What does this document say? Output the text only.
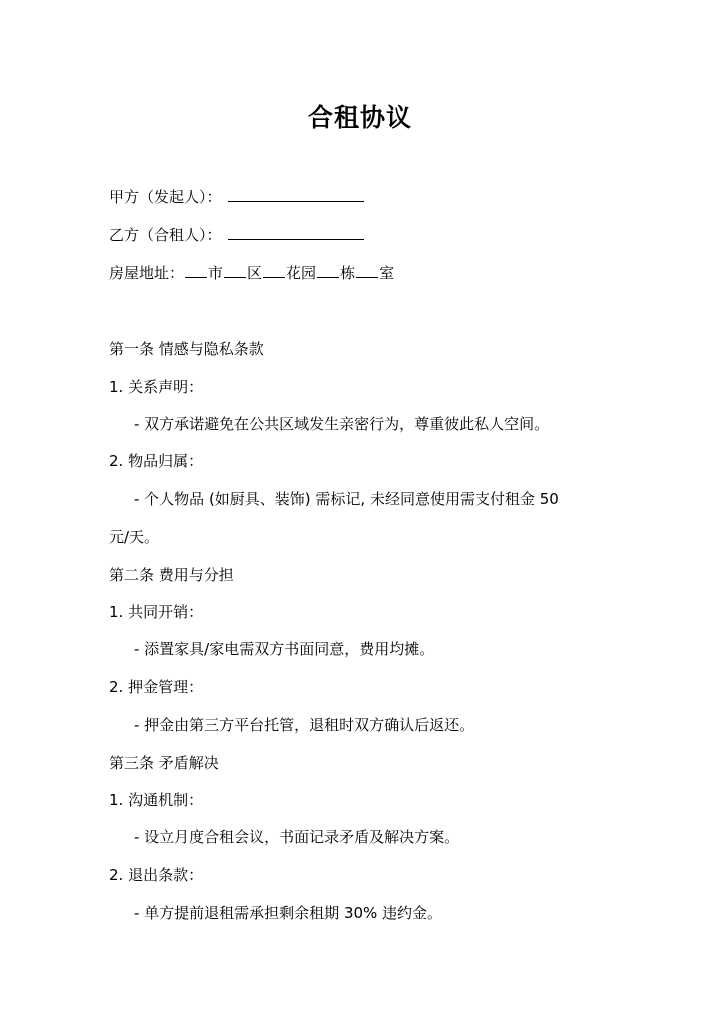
合租协议
甲方（发起人）：
乙方（合租人）：
房屋地址： 市 区 花园 栋 室
第一条 情感与隐私条款
1. 关系声明：
- 双方承诺避免在公共区域发生亲密行为，尊重彼此私人空间。
2. 物品归属：
- 个人物品 (如厨具、装饰) 需标记, 未经同意使用需支付租金 50
元/天。
第二条 费用与分担
1. 共同开销：
- 添置家具/家电需双方书面同意，费用均摊。
2. 押金管理：
- 押金由第三方平台托管，退租时双方确认后返还。
第三条 矛盾解决
1. 沟通机制：
- 设立月度合租会议，书面记录矛盾及解决方案。
2. 退出条款：
- 单方提前退租需承担剩余租期 30% 违约金。
